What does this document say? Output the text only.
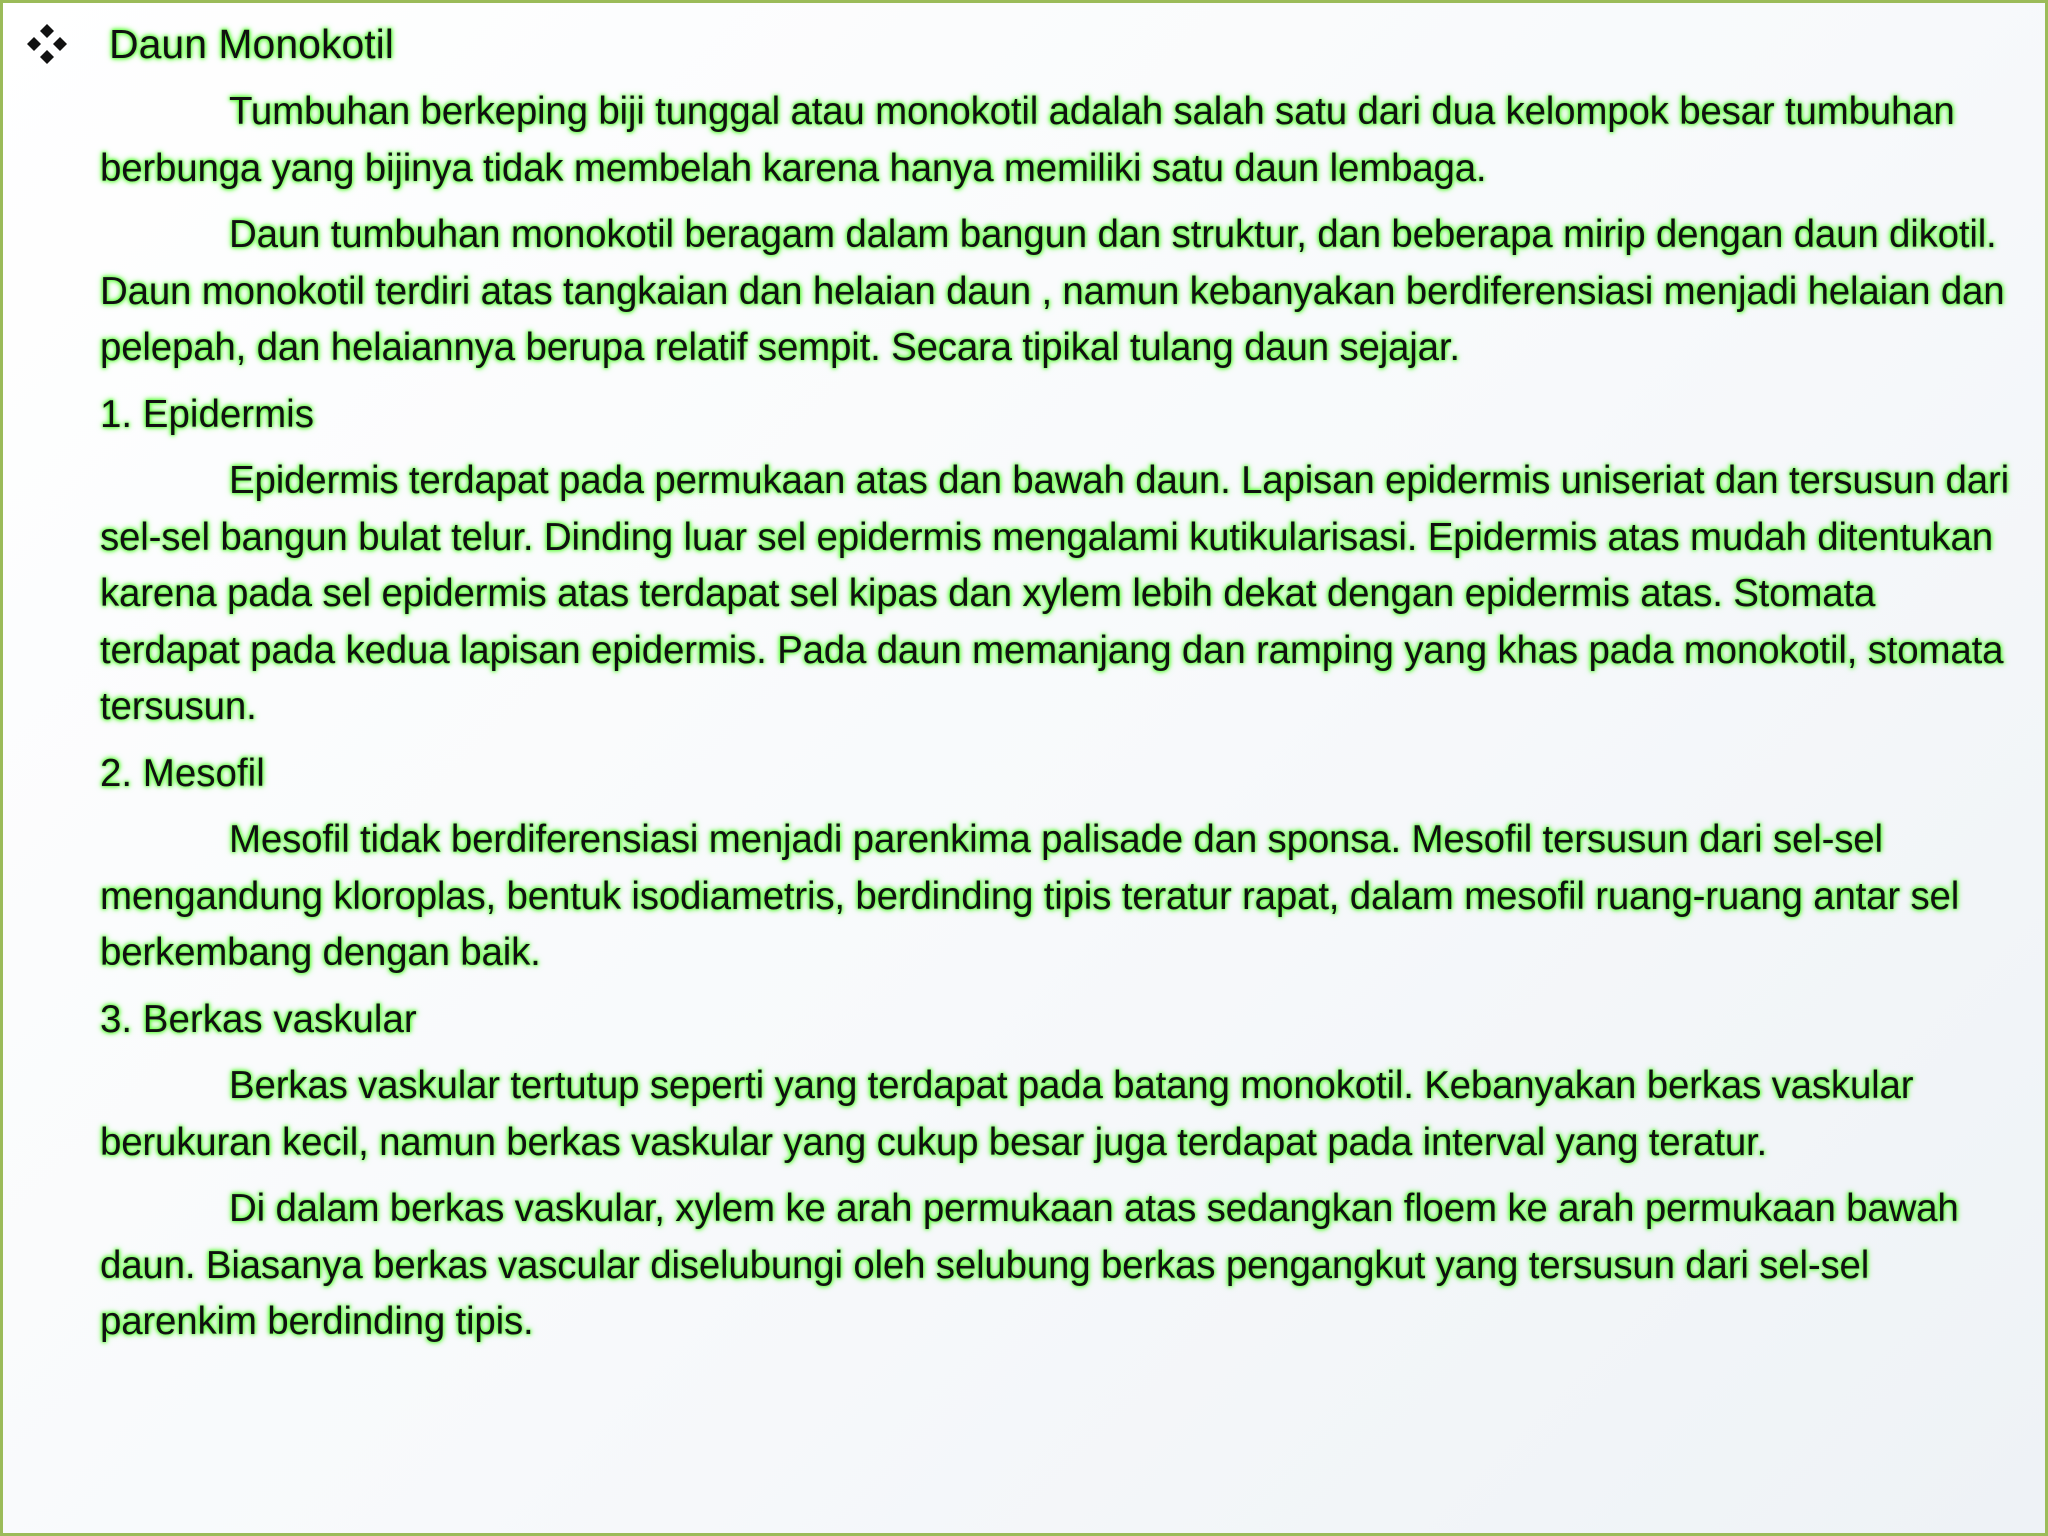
Daun Monokotil

Tumbuhan berkeping biji tunggal atau monokotil adalah salah satu dari dua kelompok besar tumbuhan berbunga yang bijinya tidak membelah karena hanya memiliki satu daun lembaga.

Daun tumbuhan monokotil beragam dalam bangun dan struktur, dan beberapa mirip dengan daun dikotil. Daun monokotil terdiri atas tangkaian dan helaian daun , namun kebanyakan berdiferensiasi menjadi helaian dan pelepah, dan helaiannya berupa relatif sempit. Secara tipikal tulang daun sejajar.

1. Epidermis

Epidermis terdapat pada permukaan atas dan bawah daun. Lapisan epidermis uniseriat dan tersusun dari sel-sel bangun bulat telur. Dinding luar sel epidermis mengalami kutikularisasi. Epidermis atas mudah ditentukan karena pada sel epidermis atas terdapat sel kipas dan xylem lebih dekat dengan epidermis atas. Stomata terdapat pada kedua lapisan epidermis. Pada daun memanjang dan ramping yang khas pada monokotil, stomata tersusun.

2. Mesofil

Mesofil tidak berdiferensiasi menjadi parenkima palisade dan sponsa. Mesofil tersusun dari sel-sel mengandung kloroplas, bentuk isodiametris, berdinding tipis teratur rapat, dalam mesofil ruang-ruang antar sel berkembang dengan baik.

3. Berkas vaskular

Berkas vaskular tertutup seperti yang terdapat pada batang monokotil. Kebanyakan berkas vaskular berukuran kecil, namun berkas vaskular yang cukup besar juga terdapat pada interval yang teratur.

Di dalam berkas vaskular, xylem ke arah permukaan atas sedangkan floem ke arah permukaan bawah daun. Biasanya berkas vascular diselubungi oleh selubung berkas pengangkut yang tersusun dari sel-sel parenkim berdinding tipis.
